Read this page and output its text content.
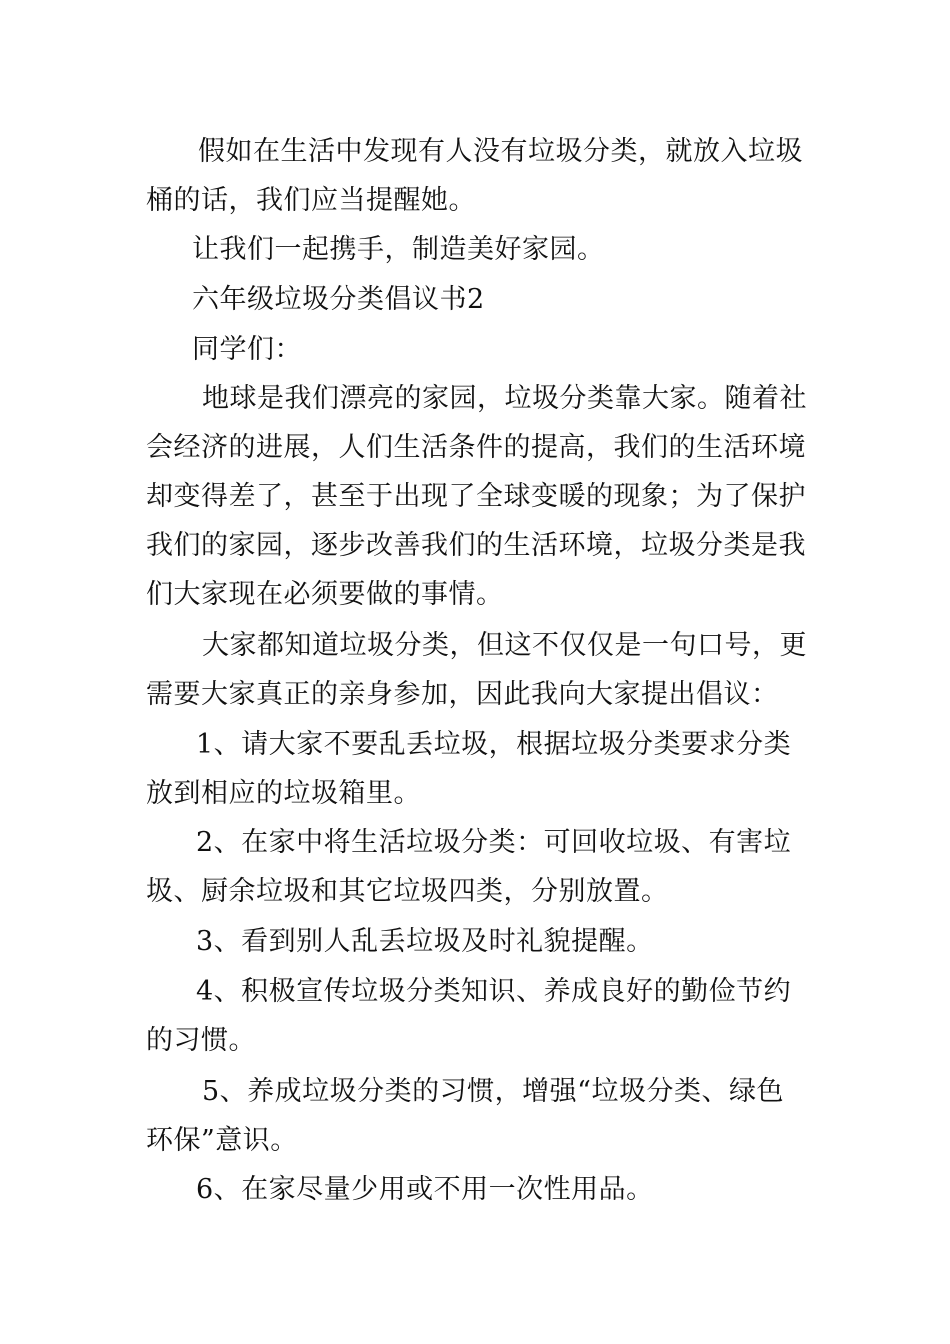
假如在生活中发现有人没有垃圾分类，就放入垃圾桶的话，我们应当提醒她。

让我们一起携手，制造美好家园。

六年级垃圾分类倡议书2

同学们：

地球是我们漂亮的家园，垃圾分类靠大家。随着社会经济的进展，人们生活条件的提高，我们的生活环境却变得差了，甚至于出现了全球变暖的现象；为了保护我们的家园，逐步改善我们的生活环境，垃圾分类是我们大家现在必须要做的事情。

大家都知道垃圾分类，但这不仅仅是一句口号，更需要大家真正的亲身参加，因此我向大家提出倡议：

1、请大家不要乱丢垃圾，根据垃圾分类要求分类放到相应的垃圾箱里。

2、在家中将生活垃圾分类：可回收垃圾、有害垃圾、厨余垃圾和其它垃圾四类，分别放置。

3、看到别人乱丢垃圾及时礼貌提醒。

4、积极宣传垃圾分类知识、养成良好的勤俭节约的习惯。

5、养成垃圾分类的习惯，增强“垃圾分类、绿色环保”意识。

6、在家尽量少用或不用一次性用品。
